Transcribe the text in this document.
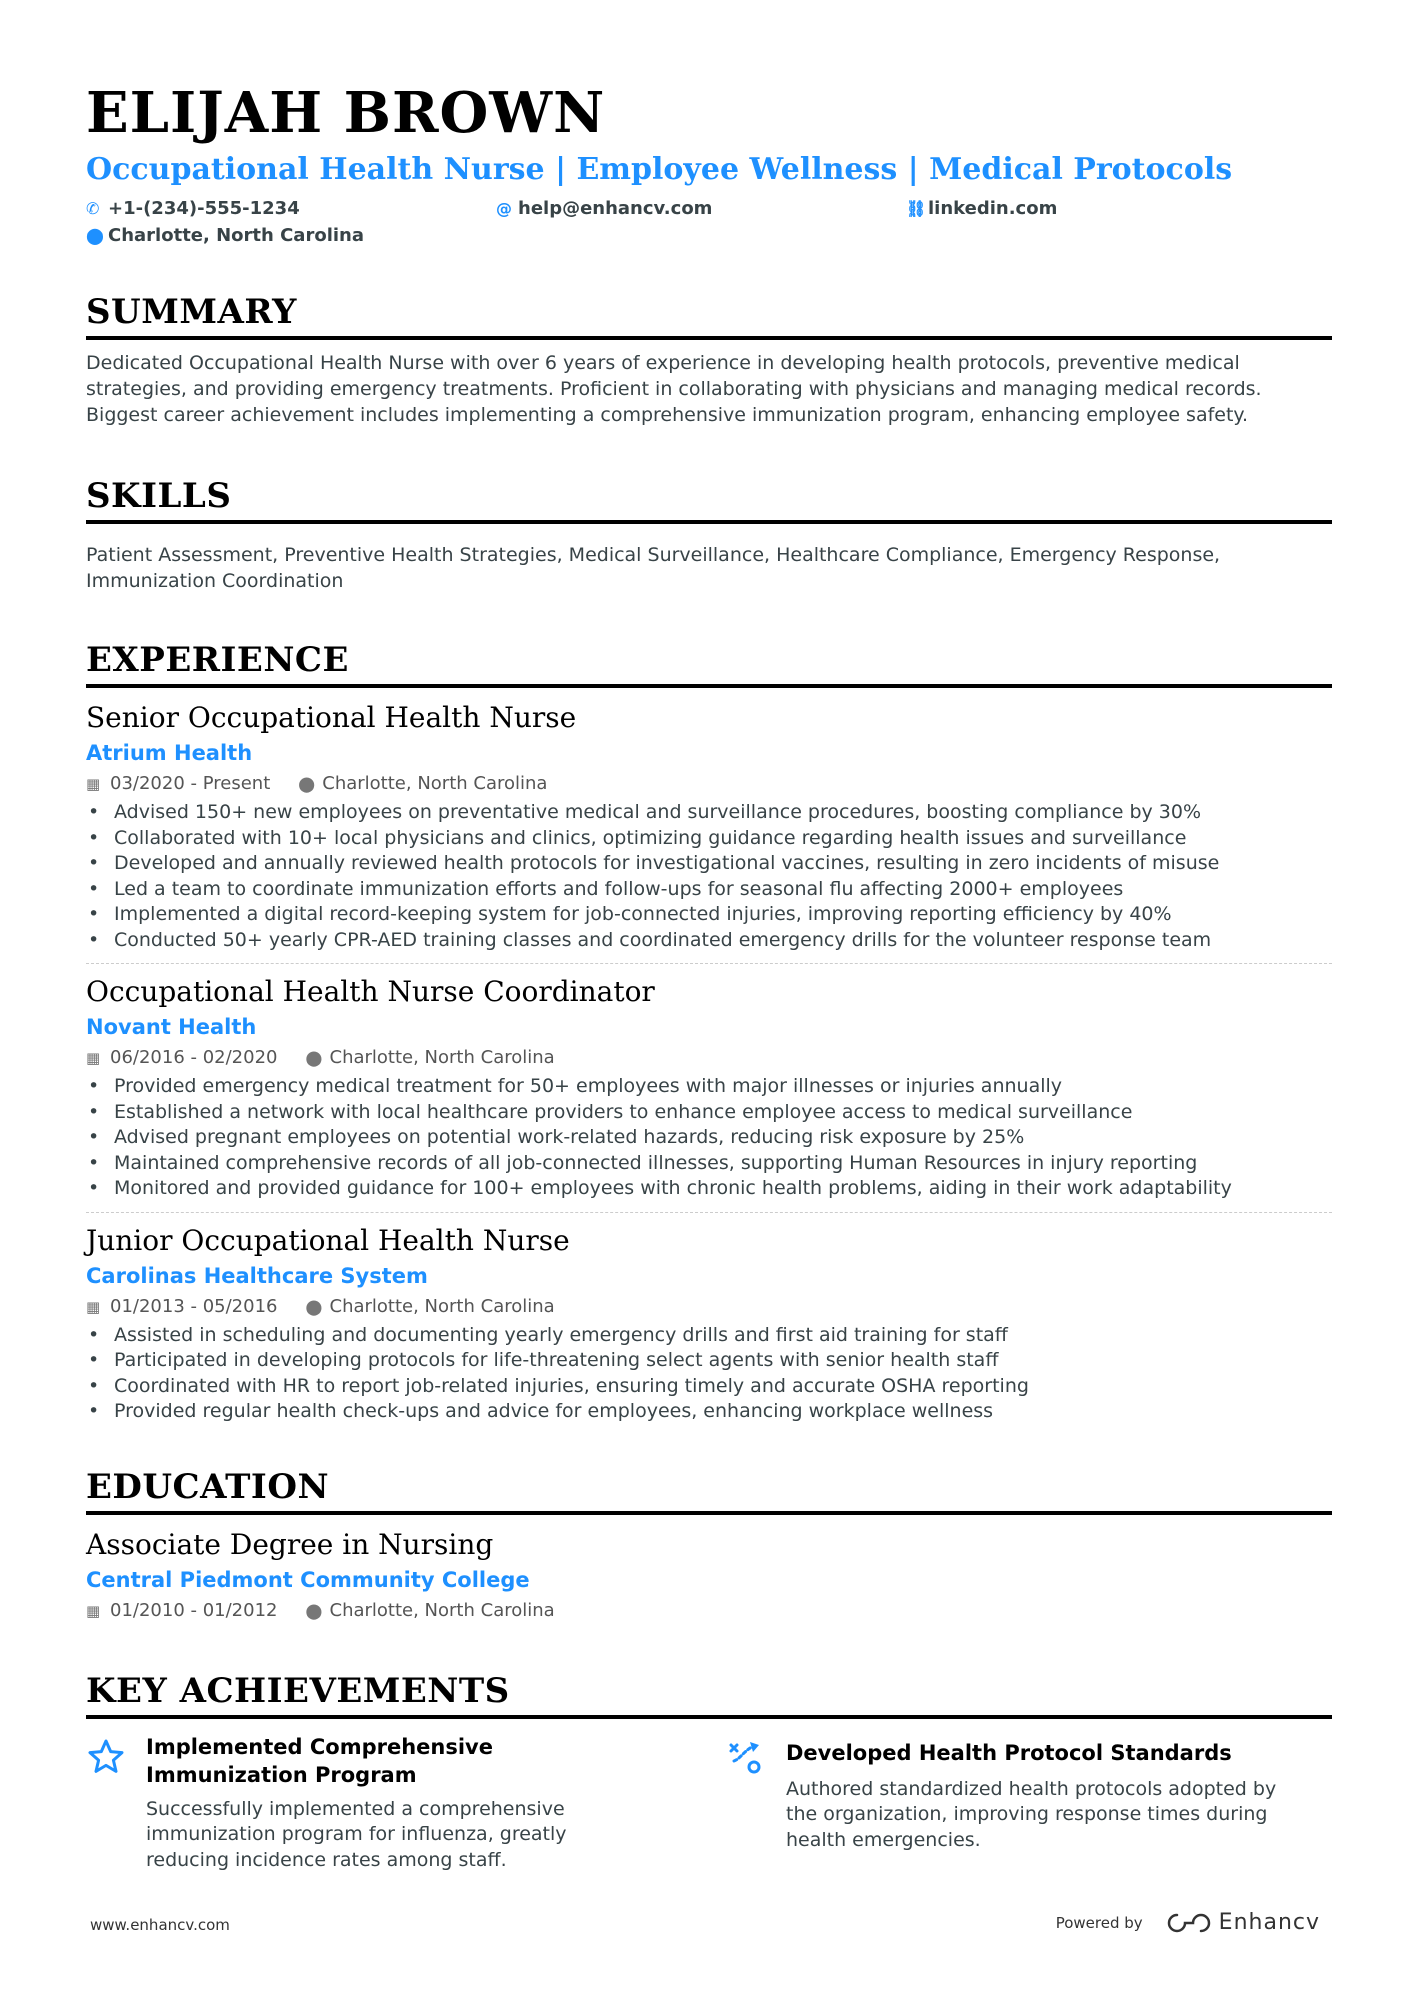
ELIJAH BROWN
Occupational Health Nurse | Employee Wellness | Medical Protocols
✆ +1-(234)-555-1234	@ help@enhancv.com	⛓ linkedin.com
⬤ Charlotte, North Carolina
SUMMARY

Dedicated Occupational Health Nurse with over 6 years of experience in developing health protocols, preventive medical strategies, and providing emergency treatments. Proficient in collaborating with physicians and managing medical records. Biggest career achievement includes implementing a comprehensive immunization program, enhancing employee safety.

SKILLS

Patient Assessment, Preventive Health Strategies, Medical Surveillance, Healthcare Compliance, Emergency Response, Immunization Coordination

EXPERIENCE
Senior Occupational Health Nurse
Atrium Health
▦ 03/2020 - Present ⬤ Charlotte, North Carolina
• Advised 150+ new employees on preventative medical and surveillance procedures, boosting compliance by 30%
• Collaborated with 10+ local physicians and clinics, optimizing guidance regarding health issues and surveillance
• Developed and annually reviewed health protocols for investigational vaccines, resulting in zero incidents of misuse
• Led a team to coordinate immunization efforts and follow-ups for seasonal flu affecting 2000+ employees
• Implemented a digital record-keeping system for job-connected injuries, improving reporting efficiency by 40%
• Conducted 50+ yearly CPR-AED training classes and coordinated emergency drills for the volunteer response team
Occupational Health Nurse Coordinator
Novant Health
▦ 06/2016 - 02/2020 ⬤ Charlotte, North Carolina
• Provided emergency medical treatment for 50+ employees with major illnesses or injuries annually
• Established a network with local healthcare providers to enhance employee access to medical surveillance
• Advised pregnant employees on potential work-related hazards, reducing risk exposure by 25%
• Maintained comprehensive records of all job-connected illnesses, supporting Human Resources in injury reporting
• Monitored and provided guidance for 100+ employees with chronic health problems, aiding in their work adaptability
Junior Occupational Health Nurse
Carolinas Healthcare System
▦ 01/2013 - 05/2016 ⬤ Charlotte, North Carolina
• Assisted in scheduling and documenting yearly emergency drills and first aid training for staff
• Participated in developing protocols for life-threatening select agents with senior health staff
• Coordinated with HR to report job-related injuries, ensuring timely and accurate OSHA reporting
• Provided regular health check-ups and advice for employees, enhancing workplace wellness
EDUCATION
Associate Degree in Nursing
Central Piedmont Community College
▦ 01/2010 - 01/2012 ⬤ Charlotte, North Carolina
KEY ACHIEVEMENTS
Implemented Comprehensive Immunization Program
Successfully implemented a comprehensive immunization program for influenza, greatly reducing incidence rates among staff.
Developed Health Protocol Standards
Authored standardized health protocols adopted by the organization, improving response times during health emergencies.
www.enhancv.com	Powered by	Enhancv
